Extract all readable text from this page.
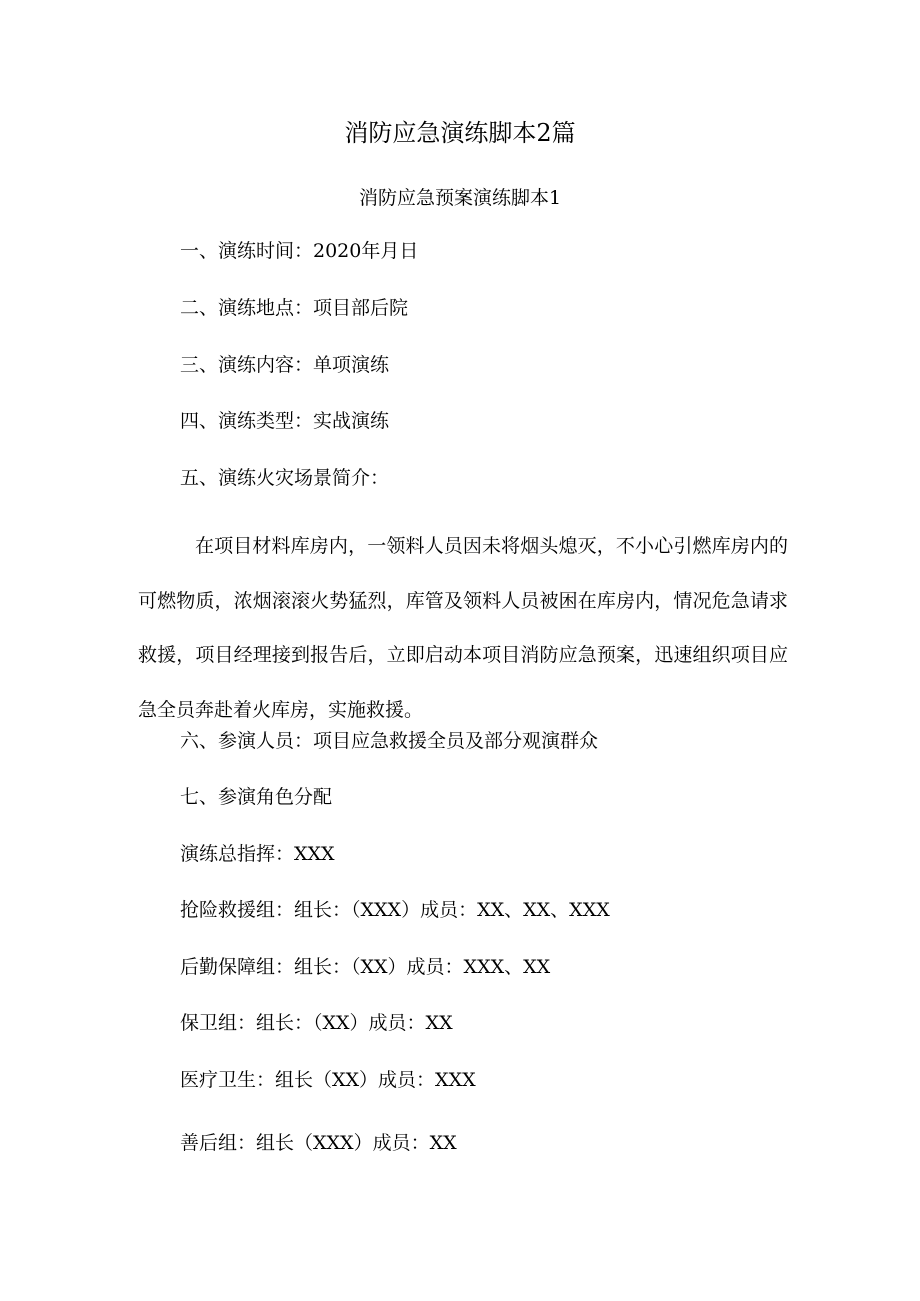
消防应急演练脚本2篇
消防应急预案演练脚本1
一、演练时间：2020年月日
二、演练地点：项目部后院
三、演练内容：单项演练
四、演练类型：实战演练
五、演练火灾场景简介：
在项目材料库房内，一领料人员因未将烟头熄灭，不小心引燃库房内的可燃物质，浓烟滚滚火势猛烈，库管及领料人员被困在库房内，情况危急请求救援，项目经理接到报告后，立即启动本项目消防应急预案，迅速组织项目应急全员奔赴着火库房，实施救援。
六、参演人员：项目应急救援全员及部分观演群众
七、参演角色分配
演练总指挥：XXX
抢险救援组：组长：（XXX）成员：XX、XX、XXX
后勤保障组：组长：（XX）成员：XXX、XX
保卫组：组长：（XX）成员：XX
医疗卫生：组长（XX）成员：XXX
善后组：组长（XXX）成员：XX
